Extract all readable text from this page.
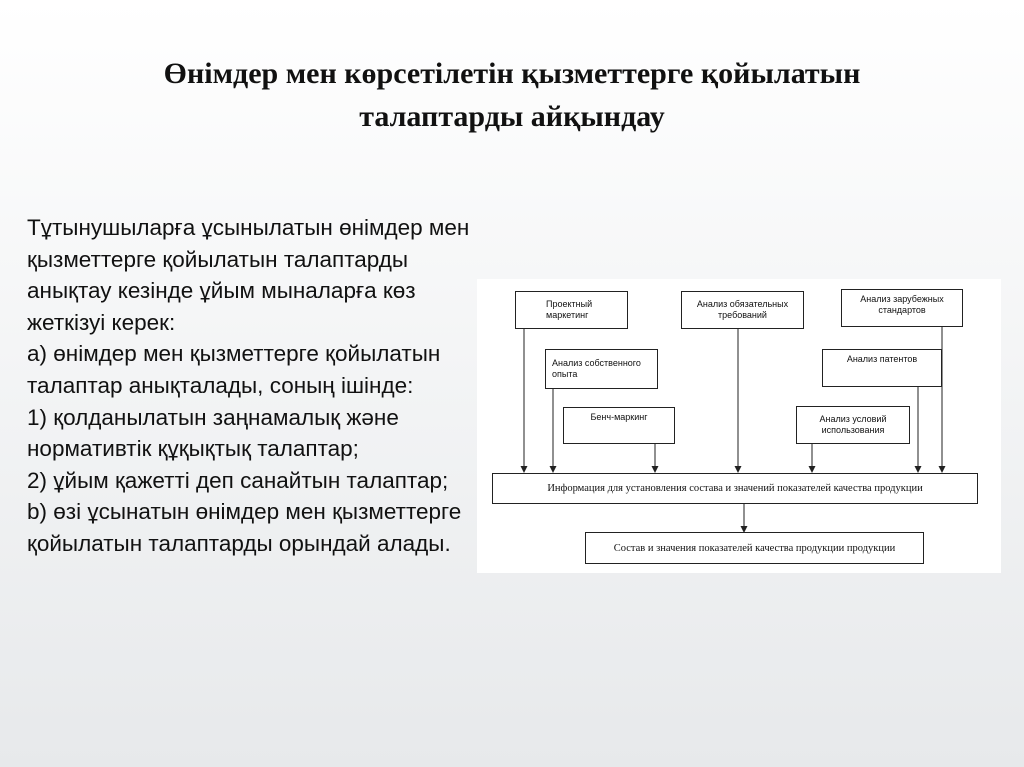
Өнімдер мен көрсетілетін қызметтерге қойылатын
талаптарды айқындау
Тұтынушыларға ұсынылатын өнімдер мен
қызметтерге қойылатын талаптарды
анықтау кезінде ұйым мыналарға көз
жеткізуі керек:
а) өнімдер мен қызметтерге қойылатын
талаптар анықталады, соның ішінде:
1) қолданылатын заңнамалық және
нормативтік құқықтық талаптар;
2) ұйым қажетті деп санайтын талаптар;
b) өзі ұсынатын өнімдер мен қызметтерге
қойылатын талаптарды орындай алады.
Проектный маркетинг
Анализ обязательных требований
Анализ зарубежных стандартов
Анализ собственного опыта
Анализ патентов
Бенч-маркинг	Анализ условий использования
Информация для установления состава и значений показателей качества продукции
Состав и значения показателей качества продукции продукции
